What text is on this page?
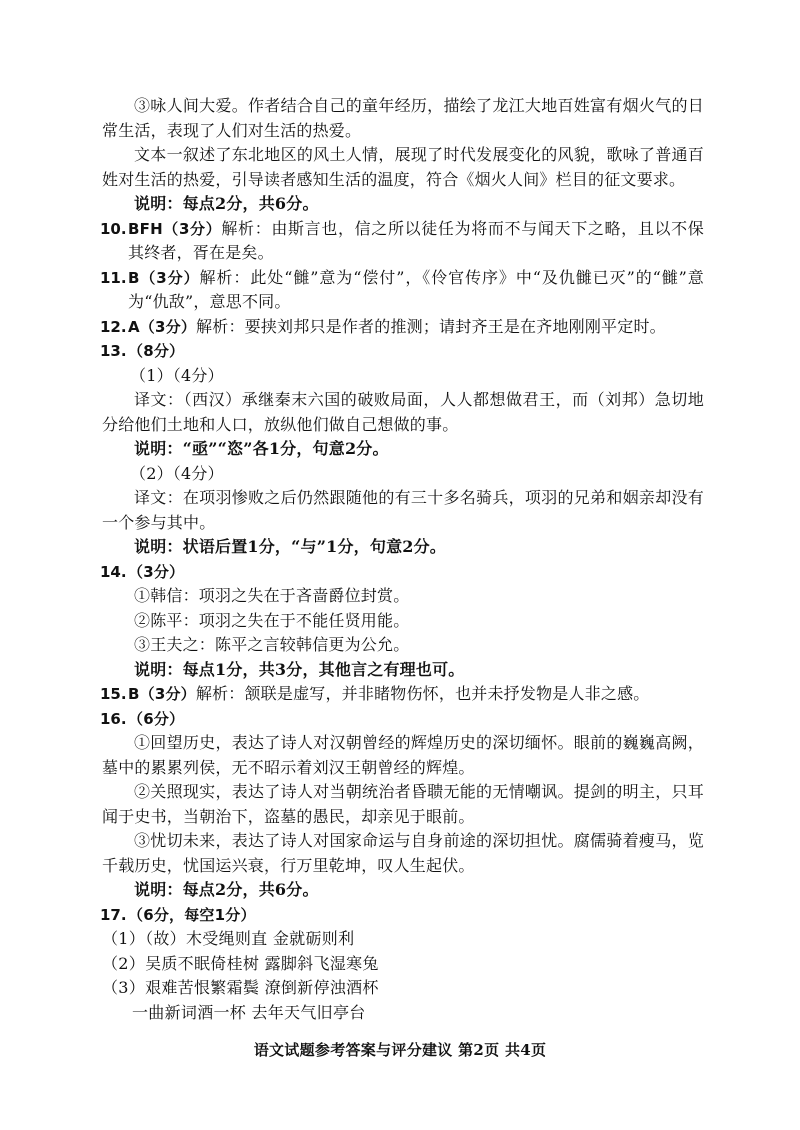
③咏人间大爱。作者结合自己的童年经历，描绘了龙江大地百姓富有烟火气的日常生活，表现了人们对生活的热爱。

文本一叙述了东北地区的风土人情，展现了时代发展变化的风貌，歌咏了普通百姓对生活的热爱，引导读者感知生活的温度，符合《烟火人间》栏目的征文要求。

说明：每点2分，共6分。

10. BFH（3分）解析：由斯言也，信之所以徒任为将而不与闻天下之略，且以不保其终者，胥在是矣。

11. B（3分）解析：此处“雠”意为“偿付”，《伶官传序》中“及仇雠已灭”的“雠”意为“仇敌”，意思不同。

12. A（3分）解析：要挟刘邦只是作者的推测；请封齐王是在齐地刚刚平定时。

13. （8分）

（1）（4分）

译文：（西汉）承继秦末六国的破败局面，人人都想做君王，而（刘邦）急切地分给他们土地和人口，放纵他们做自己想做的事。

说明：“亟”“恣”各1分，句意2分。

（2）（4分）

译文：在项羽惨败之后仍然跟随他的有三十多名骑兵，项羽的兄弟和姻亲却没有一个参与其中。

说明：状语后置1分，“与”1分，句意2分。

14. （3分）

①韩信：项羽之失在于吝啬爵位封赏。

②陈平：项羽之失在于不能任贤用能。

③王夫之：陈平之言较韩信更为公允。

说明：每点1分，共3分，其他言之有理也可。

15. B（3分）解析：颔联是虚写，并非睹物伤怀，也并未抒发物是人非之感。

16. （6分）

①回望历史，表达了诗人对汉朝曾经的辉煌历史的深切缅怀。眼前的巍巍高阙，墓中的累累列侯，无不昭示着刘汉王朝曾经的辉煌。

②关照现实，表达了诗人对当朝统治者昏聩无能的无情嘲讽。提剑的明主，只耳闻于史书，当朝治下，盗墓的愚民，却亲见于眼前。

③忧切未来，表达了诗人对国家命运与自身前途的深切担忧。腐儒骑着瘦马，览千载历史，忧国运兴衰，行万里乾坤，叹人生起伏。

说明：每点2分，共6分。

17. （6分，每空1分）

（1）（故）木受绳则直 金就砺则利

（2）吴质不眠倚桂树 露脚斜飞湿寒兔

（3）艰难苦恨繁霜鬓 潦倒新停浊酒杯

一曲新词酒一杯 去年天气旧亭台

语文试题参考答案与评分建议 第2页 共4页
